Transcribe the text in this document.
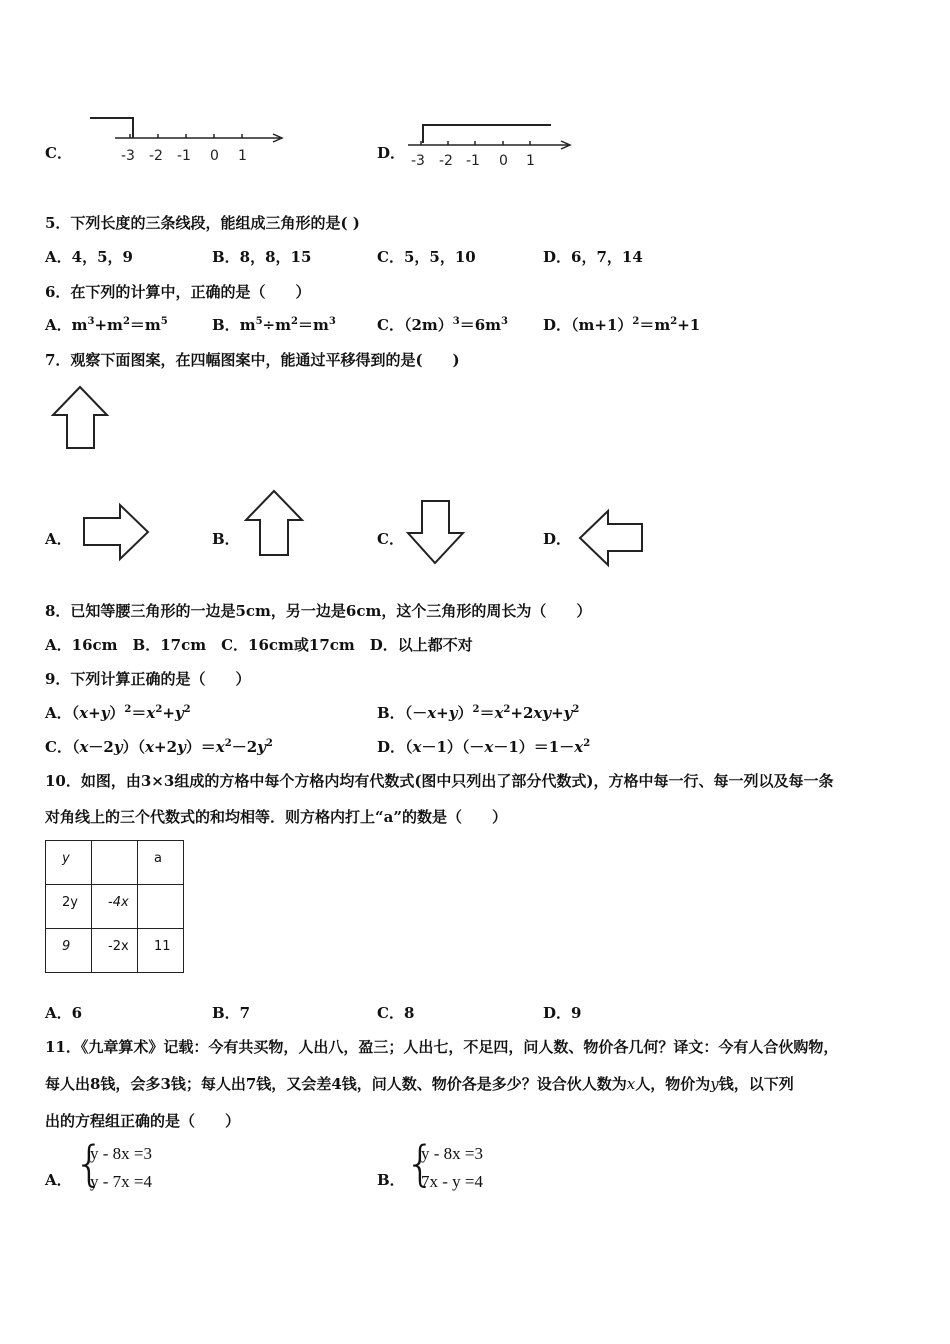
C．	-3 -2 -1 0 1	D． -3 -2 -1 0 1
5．下列长度的三条线段，能组成三角形的是( )
A．4，5，9	B．8，8，15	C．5，5，10	D．6，7，14
6．在下列的计算中，正确的是（　　）
A．$m^3+m^2=m^5$	B．$m^5\div m^2=m^3$	C．$(2m)^3=6m^3$ D．$(m+1)^2=m^2+1$
7．观察下面图案，在四幅图案中，能通过平移得到的是(　　)
A．	B．	C．	D．
8．已知等腰三角形的一边是5cm，另一边是6cm，这个三角形的周长为（　　）
A．16cm　B．17cm　C．16cm或17cm　D．以上都不对
9．下列计算正确的是（　　）
A．$(x+y)^2=x^2+y^2$	B．$(-x+y)^2=x^2+2xy+y^2$
C．$(x-2y)(x+2y)=x^2-2y^2$	D．$(x-1)(-x-1)=1-x^2$
10．如图，由3×3组成的方格中每个方格内均有代数式(图中只列出了部分代数式)，方格中每一行、每一列以及每一条
对角线上的三个代数式的和均相等．则方格内打上“a”的数是（　　）
y		a
2y	-4x	
9	-2x	11
A．6	B．7	C．8	D．9
11．《九章算术》记载：今有共买物，人出八，盈三；人出七，不足四，问人数、物价各几何？译文：今有人合伙购物，
每人出8钱，会多3钱；每人出7钱，又会差4钱，问人数、物价各是多少？设合伙人数为x人，物价为y钱，以下列
出的方程组正确的是（　　）
A． {
y - 8x =3
y - 7x =4	B． {
y - 8x =3
7x - y =4
